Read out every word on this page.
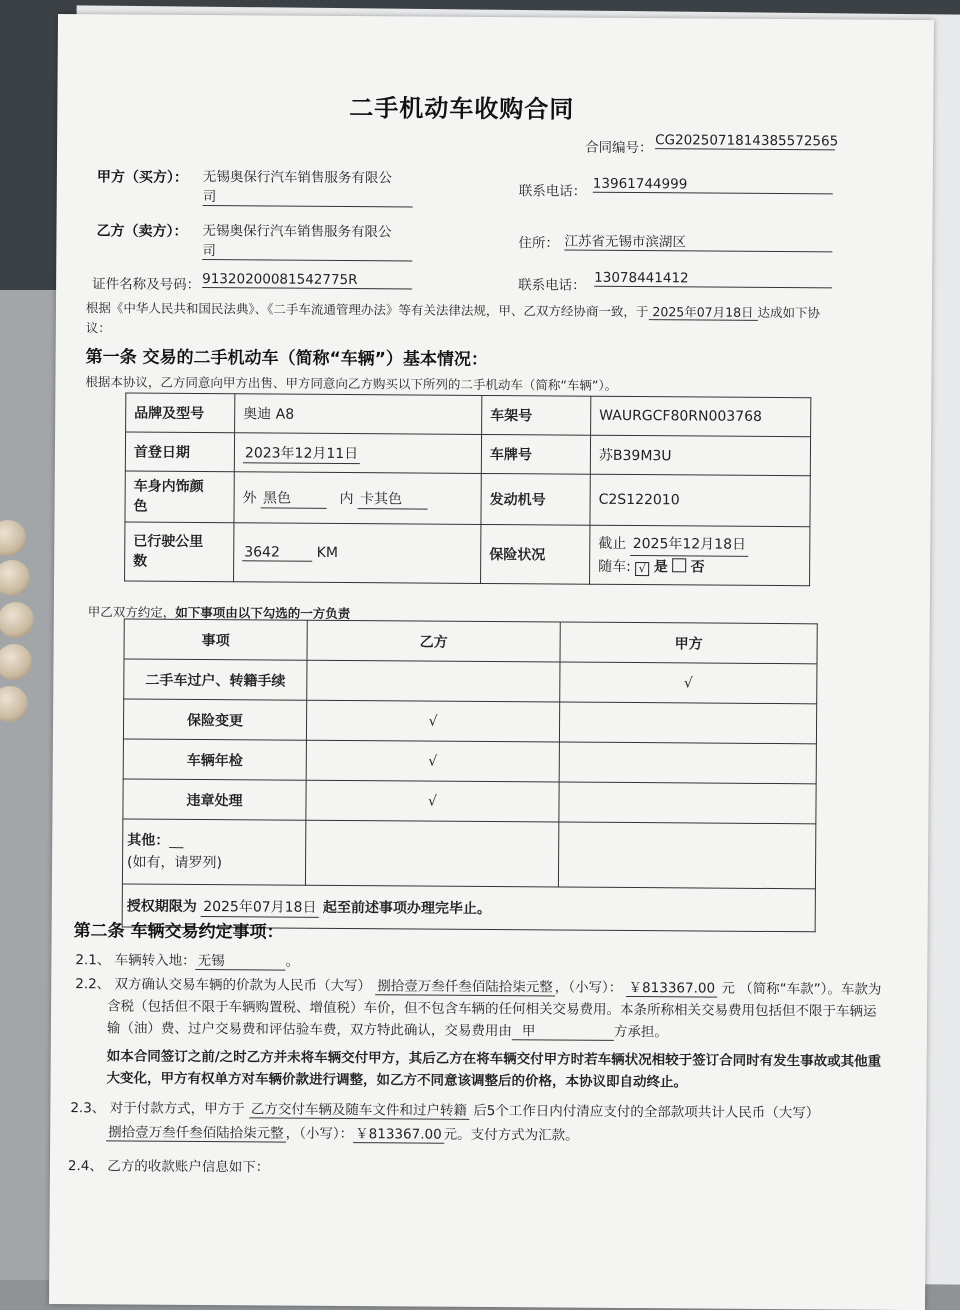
二手机动车收购合同
合同编号： CG2025071814385572565
甲方（买方）： 无锡奥保行汽车销售服务有限公
司	联系电话： 13961744999
乙方（卖方）： 无锡奥保行汽车销售服务有限公
司	住所： 江苏省无锡市滨湖区
证件名称及号码： 91320200081542775R	联系电话： 13078441412
根据《中华人民共和国民法典》、《二手车流通管理办法》等有关法律法规，甲、乙双方经协商一致，于 2025年07月18日 达成如下协
议：
第一条 交易的二手机动车（简称“车辆”）基本情况：
根据本协议，乙方同意向甲方出售、甲方同意向乙方购买以下所列的二手机动车（简称“车辆”）。
品牌及型号	奥迪 A8	车架号	WAURGCF80RN003768
首登日期	2023年12月11日	车牌号	苏B39M3U
车身内饰颜
色	外 黑色 内 卡其色	发动机号	C2S122010
已行驶公里
数	3642 KM	保险状况	截止 2025年12月18日
随车: √ 是 否
甲乙双方约定，如下事项由以下勾选的一方负责
事项	乙方	甲方
二手车过户、转籍手续		√
保险变更	√	
车辆年检	√	
违章处理	√	
其他：__
(如有，请罗列)		
授权期限为 2025年07月18日 起至前述事项办理完毕止。		
第二条 车辆交易约定事项：
2.1、 车辆转入地： 无锡	。
2.2、 双方确认交易车辆的价款为人民币（大写） 捌拾壹万叁仟叁佰陆拾柒元整 ，（小写）： ￥813367.00 元 （简称“车款”）。车款为
含税（包括但不限于车辆购置税、增值税）车价，但不包含车辆的任何相关交易费用。本条所称相关交易费用包括但不限于车辆运
输（油）费、过户交易费和评估验车费，双方特此确认，交易费用由 甲	方承担。
如本合同签订之前/之时乙方并未将车辆交付甲方，其后乙方在将车辆交付甲方时若车辆状况相较于签订合同时有发生事故或其他重
大变化，甲方有权单方对车辆价款进行调整，如乙方不同意该调整后的价格，本协议即自动终止。
2.3、 对于付款方式，甲方于 乙方交付车辆及随车文件和过户转籍 后5个工作日内付清应支付的全部款项共计人民币（大写）
捌拾壹万叁仟叁佰陆拾柒元整 ，（小写）： ￥813367.00 元。支付方式为汇款。
2.4、 乙方的收款账户信息如下：
